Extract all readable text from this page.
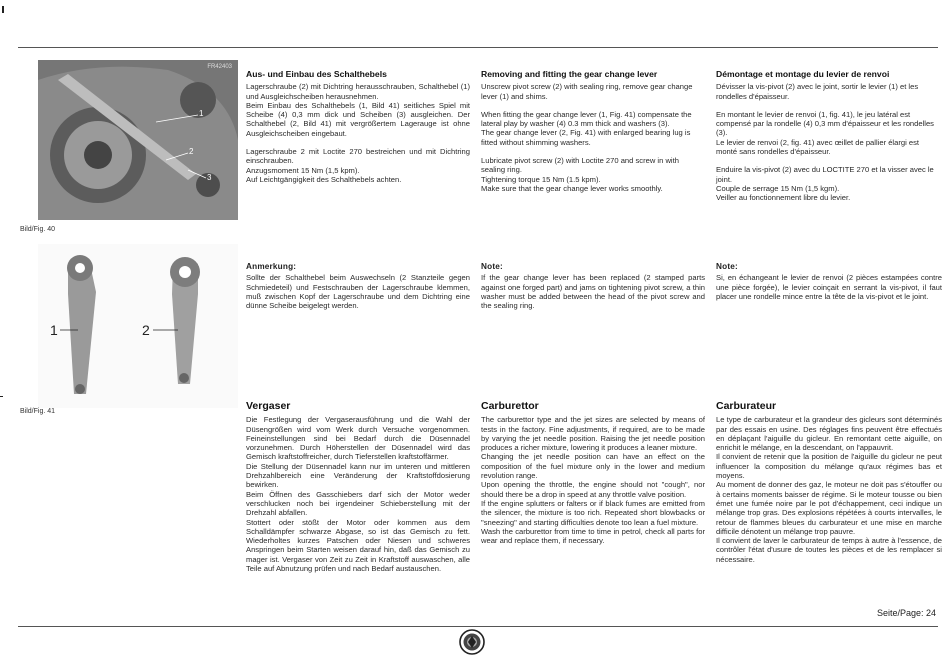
FR42403
1
2
3
Bild/Fig. 40
1	2
Bild/Fig. 41
Aus- und Einbau des Schalthebels

Lagerschraube (2) mit Dichtring herausschrauben, Schalthebel (1) und Ausgleichscheiben herausnehmen.
Beim Einbau des Schalthebels (1, Bild 41) seitliches Spiel mit Scheibe (4) 0,3 mm dick und Scheiben (3) ausgleichen. Der Schalthebel (2, Bild 41) mit vergrößertem Lagerauge ist ohne Ausgleichscheiben eingebaut.

Lagerschraube 2 mit Loctite 270 bestreichen und mit Dichtring einschrauben.
Anzugsmoment 15 Nm (1,5 kpm).
Auf Leichtgängigkeit des Schalthebels achten.

Removing and fitting the gear change lever

Unscrew pivot screw (2) with sealing ring, remove gear change lever (1) and shims.

When fitting the gear change lever (1, Fig. 41) compensate the lateral play by washer (4) 0.3 mm thick and washers (3).
The gear change lever (2, Fig. 41) with enlarged bearing lug is fitted without shimming washers.

Lubricate pivot screw (2) with Loctite 270 and screw in with sealing ring.
Tightening torque 15 Nm (1.5 kpm).
Make sure that the gear change lever works smoothly.

Démontage et montage du levier de renvoi

Dévisser la vis-pivot (2) avec le joint, sortir le levier (1) et les rondelles d'épaisseur.

En montant le levier de renvoi (1, fig. 41), le jeu latéral est compensé par la rondelle (4) 0,3 mm d'épaisseur et les rondelles (3).
Le levier de renvoi (2, fig. 41) avec œillet de pallier élargi est monté sans rondelles d'épaisseur.

Enduire la vis-pivot (2) avec du LOCTITE 270 et la visser avec le joint.
Couple de serrage 15 Nm (1,5 kgm).
Veiller au fonctionnement libre du levier.

Anmerkung:

Sollte der Schalthebel beim Auswechseln (2 Stanzteile gegen Schmiedeteil) und Festschrauben der Lagerschraube klemmen, muß zwischen Kopf der Lagerschraube und dem Dichtring eine dünne Scheibe beigelegt werden.

Note:

If the gear change lever has been replaced (2 stamped parts against one forged part) and jams on tightening pivot screw, a thin washer must be added between the head of the pivot screw and the sealing ring.

Note:

Si, en échangeant le levier de renvoi (2 pièces estampées contre une pièce forgée), le levier coinçait en serrant la vis-pivot, il faut placer une rondelle mince entre la tête de la vis-pivot et le joint.

Vergaser

Die Festlegung der Vergaserausführung und die Wahl der Düsengrößen wird vom Werk durch Versuche vorgenommen. Feineinstellungen sind bei Bedarf durch die Düsennadel vorzunehmen. Durch Höherstellen der Düsennadel wird das Gemisch kraftstoffreicher, durch Tieferstellen kraftstoffärmer.
Die Stellung der Düsennadel kann nur im unteren und mittleren Drehzahlbereich eine Veränderung der Kraftstoffdosierung bewirken.
Beim Öffnen des Gasschiebers darf sich der Motor weder verschlucken noch bei irgendeiner Schieberstellung mit der Drehzahl abfallen.
Stottert oder stößt der Motor oder kommen aus dem Schalldämpfer schwarze Abgase, so ist das Gemisch zu fett. Wiederholtes kurzes Patschen oder Niesen und schweres Anspringen beim Starten weisen darauf hin, daß das Gemisch zu mager ist. Vergaser von Zeit zu Zeit in Kraftstoff auswaschen, alle Teile auf Abnutzung prüfen und nach Bedarf austauschen.

Carburettor

The carburettor type and the jet sizes are selected by means of tests in the factory. Fine adjustments, if required, are to be made by varying the jet needle position. Raising the jet needle position produces a richer mixture, lowering it produces a leaner mixture.
Changing the jet needle position can have an effect on the composition of the fuel mixture only in the lower and medium revolution range.
Upon opening the throttle, the engine should not "cough", nor should there be a drop in speed at any throttle valve position.
If the engine splutters or falters or if black fumes are emitted from the silencer, the mixture is too rich. Repeated short blowbacks or "sneezing" and starting difficulties denote too lean a fuel mixture.
Wash the carburettor from time to time in petrol, check all parts for wear and replace them, if necessary.

Carburateur

Le type de carburateur et la grandeur des gicleurs sont déterminés par des essais en usine. Des réglages fins peuvent être effectués en déplaçant l'aiguille du gicleur. En remontant cette aiguille, on enrichit le mélange, en la descendant, on l'appauvrit.
Il convient de retenir que la position de l'aiguille du gicleur ne peut influencer la composition du mélange qu'aux régimes bas et moyens.
Au moment de donner des gaz, le moteur ne doit pas s'étouffer ou à certains moments baisser de régime. Si le moteur tousse ou bien émet une fumée noire par le pot d'échappement, ceci indique un mélange trop gras. Des explosions répétées à courts intervalles, le retour de flammes bleues du carburateur et une mise en marche difficile dénotent un mélange trop pauvre.
Il convient de laver le carburateur de temps à autre à l'essence, de contrôler l'état d'usure de toutes les pièces et de les remplacer si nécessaire.

Seite/Page: 24
